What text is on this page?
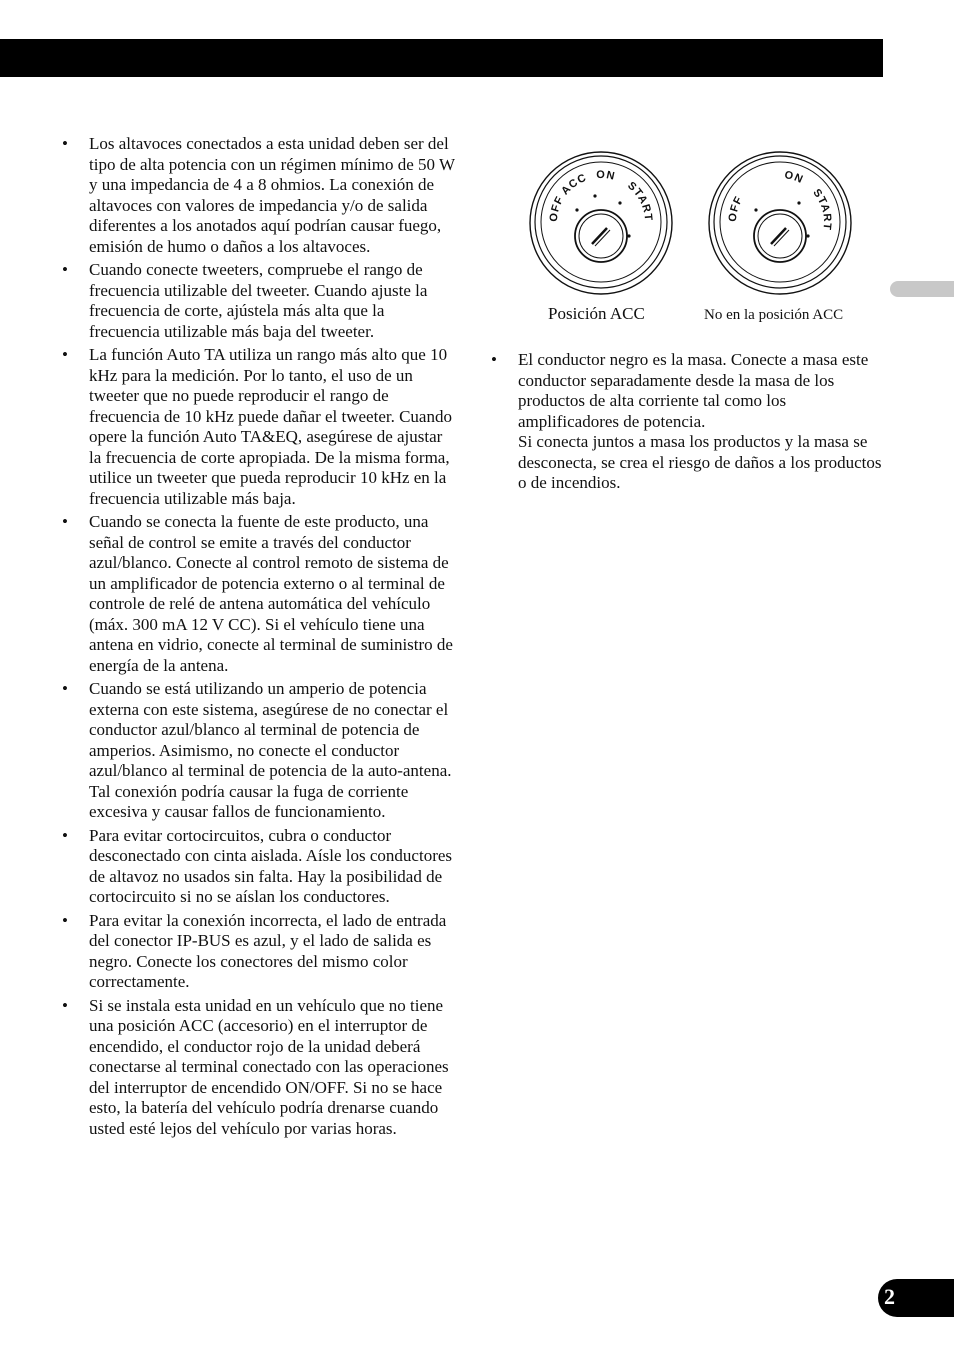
2
• Los altavoces conectados a esta unidad deben ser del tipo de alta potencia con un régimen mínimo de 50 W y una impedancia de 4 a 8 ohmios. La conexión de altavoces con valores de impedancia y/o de salida diferentes a los anotados aquí podrían causar fuego, emisión de humo o daños a los altavoces.
• Cuando conecte tweeters, compruebe el rango de frecuencia utilizable del tweeter. Cuando ajuste la frecuencia de corte, ajústela más alta que la frecuencia utilizable más baja del tweeter.
• La función Auto TA utiliza un rango más alto que 10 kHz para la medición. Por lo tanto, el uso de un tweeter que no puede reproducir el rango de frecuencia de 10 kHz puede dañar el tweeter. Cuando opere la función Auto TA&EQ, asegúrese de ajustar la frecuencia de corte apropiada. De la misma forma, utilice un tweeter que pueda reproducir 10 kHz en la frecuencia utilizable más baja.
• Cuando se conecta la fuente de este producto, una señal de control se emite a través del conductor azul/blanco. Conecte al control remoto de sistema de un amplificador de potencia externo o al terminal de controle de relé de antena automática del vehículo (máx. 300 mA 12 V CC). Si el vehículo tiene una antena en vidrio, conecte al terminal de suministro de energía de la antena.
• Cuando se está utilizando un amperio de potencia externa con este sistema, asegúrese de no conectar el conductor azul/blanco al terminal de potencia de amperios. Asimismo, no conecte el conductor azul/blanco al terminal de potencia de la auto-antena. Tal conexión podría causar la fuga de corriente excesiva y causar fallos de funcionamiento.
• Para evitar cortocircuitos, cubra o conductor desconectado con cinta aislada. Aísle los conductores de altavoz no usados sin falta. Hay la posibilidad de cortocircuito si no se aíslan los conductores.
• Para evitar la conexión incorrecta, el lado de entrada del conector IP-BUS es azul, y el lado de salida es negro. Conecte los conectores del mismo color correctamente.
• Si se instala esta unidad en un vehículo que no tiene una posición ACC (accesorio) en el interruptor de encendido, el conductor rojo de la unidad deberá conectarse al terminal conectado con las operaciones del interruptor de encendido ON/OFF. Si no se hace esto, la batería del vehículo podría drenarse cuando usted esté lejos del vehículo por varias horas.
OFFACC ONSTART	OFFONSTART
Posición ACC	No en la posición ACC
• El conductor negro es la masa. Conecte a masa este conductor separadamente desde la masa de los productos de alta corriente tal como los amplificadores de potencia.
Si conecta juntos a masa los productos y la masa se desconecta, se crea el riesgo de daños a los productos o de incendios.
